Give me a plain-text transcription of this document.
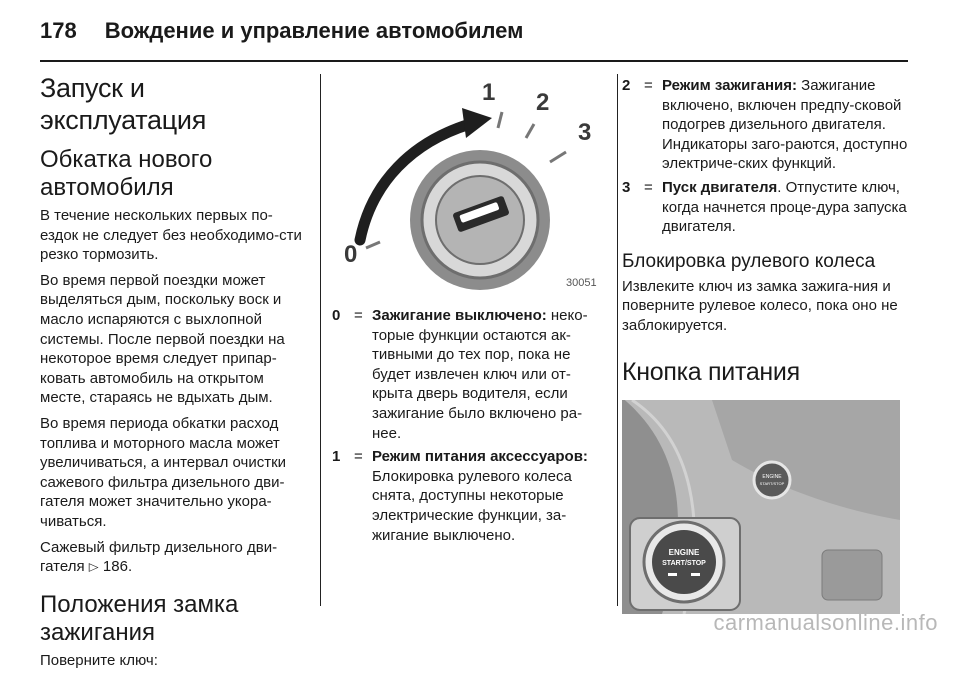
178 Вождение и управление автомобилем
Запуск и эксплуатация
Обкатка нового автомобиля

В течение нескольких первых по-ездок не следует без необходимо-сти резко тормозить.

Во время первой поездки может выделяться дым, поскольку воск и масло испаряются с выхлопной системы. После первой поездки на некоторое время следует припар-ковать автомобиль на открытом месте, стараясь не вдыхать дым.

Во время периода обкатки расход топлива и моторного масла может увеличиваться, а интервал очистки сажевого фильтра дизельного дви-гателя может значительно укора-чиваться.

Сажевый фильтр дизельного дви-гателя ▷ 186.

Положения замка зажигания

Поверните ключ:

1 2
3
0
30051
0 = Зажигание выключено: неко-торые функции остаются ак-тивными до тех пор, пока не будет извлечен ключ или от-крыта дверь водителя, если зажигание было включено ра-нее.
1 = Режим питания аксессуаров: Блокировка рулевого колеса снята, доступны некоторые электрические функции, за-жигание выключено.
2 = Режим зажигания: Зажигание включено, включен предпу-сковой подогрев дизельного двигателя. Индикаторы заго-раются, доступно электриче-ских функций.
3 = Пуск двигателя. Отпустите ключ, когда начнется проце-дура запуска двигателя.
Блокировка рулевого колеса

Извлеките ключ из замка зажига-ния и поверните рулевое колесо, пока оно не заблокируется.

Кнопка питания
ENGINE
START/STOP
ENGINE
START/STOP
carmanualsonline.info
